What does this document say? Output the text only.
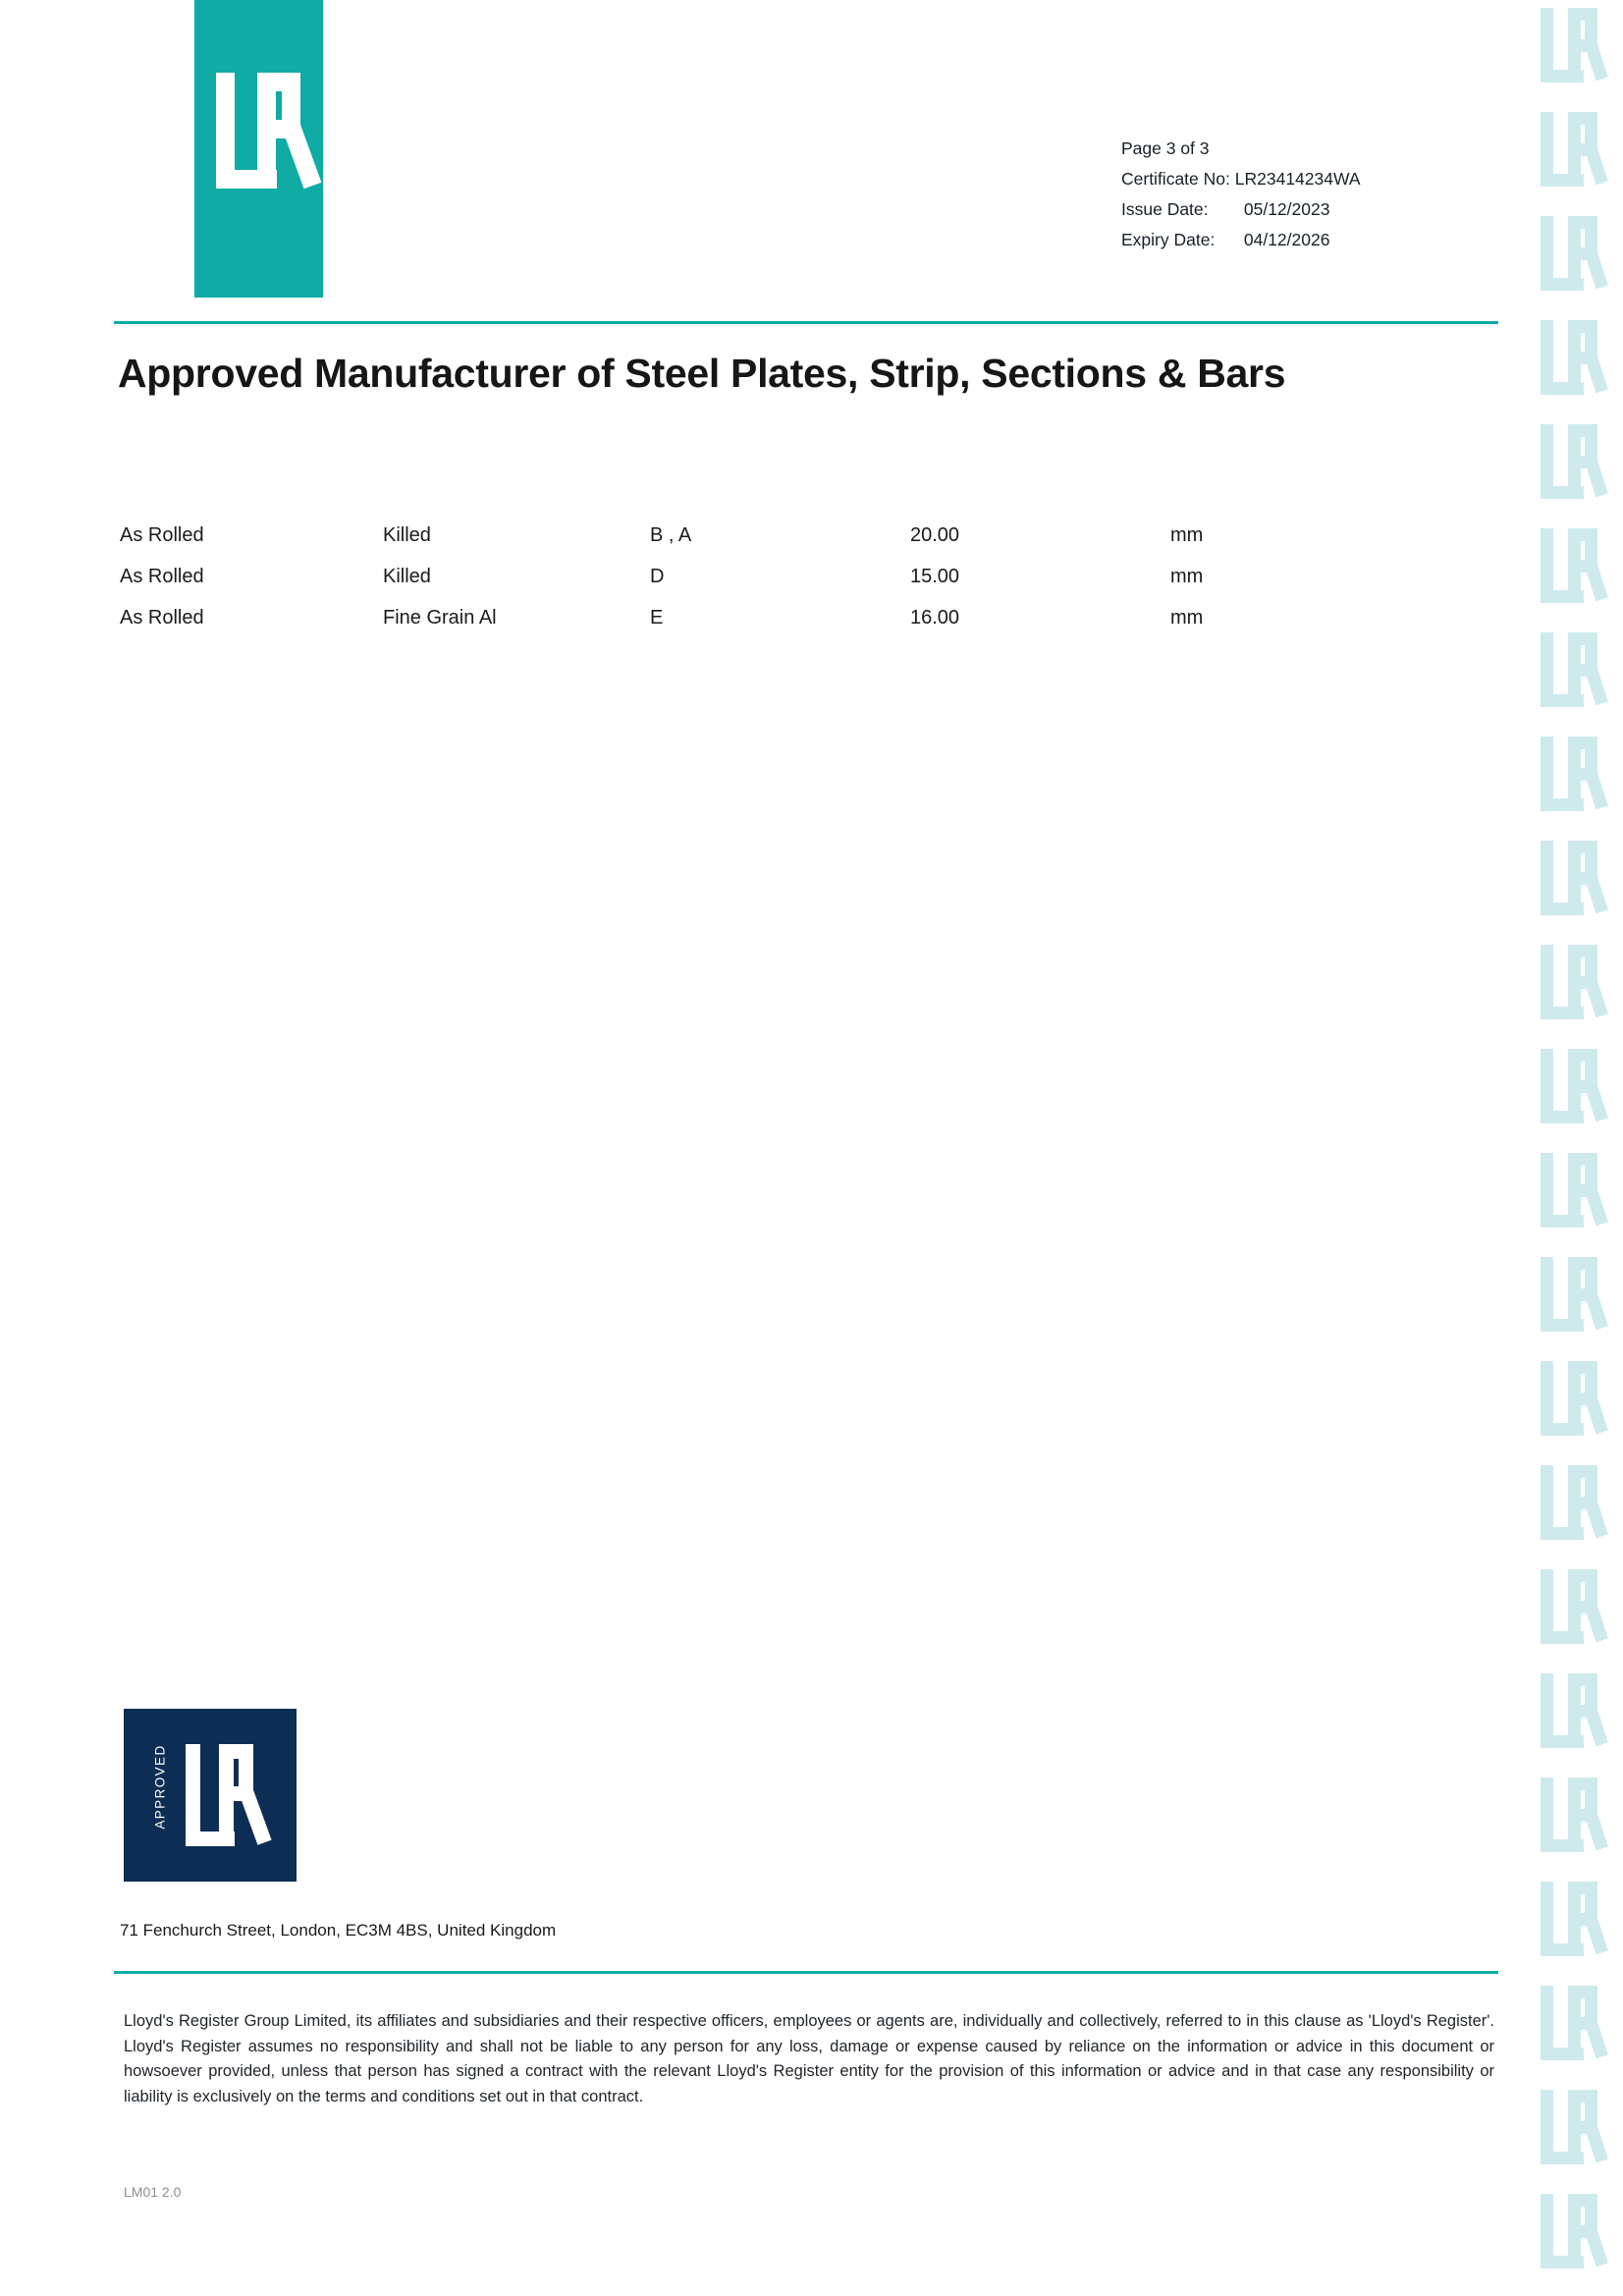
Page 3 of 3
Certificate No: LR23414234WA
Issue Date: 05/12/2023
Expiry Date: 04/12/2026
Approved Manufacturer of Steel Plates, Strip, Sections & Bars
As Rolled	Killed	B , A	20.00	mm
As Rolled	Killed	D	15.00	mm
As Rolled	Fine Grain Al	E	16.00	mm
APPROVED
71 Fenchurch Street, London, EC3M 4BS, United Kingdom
Lloyd's Register Group Limited, its affiliates and subsidiaries and their respective officers, employees or agents are, individually and collectively, referred to in this clause as 'Lloyd's Register'. Lloyd's Register assumes no responsibility and shall not be liable to any person for any loss, damage or expense caused by reliance on the information or advice in this document or howsoever provided, unless that person has signed a contract with the relevant Lloyd's Register entity for the provision of this information or advice and in that case any responsibility or liability is exclusively on the terms and conditions set out in that contract.
LM01 2.0
